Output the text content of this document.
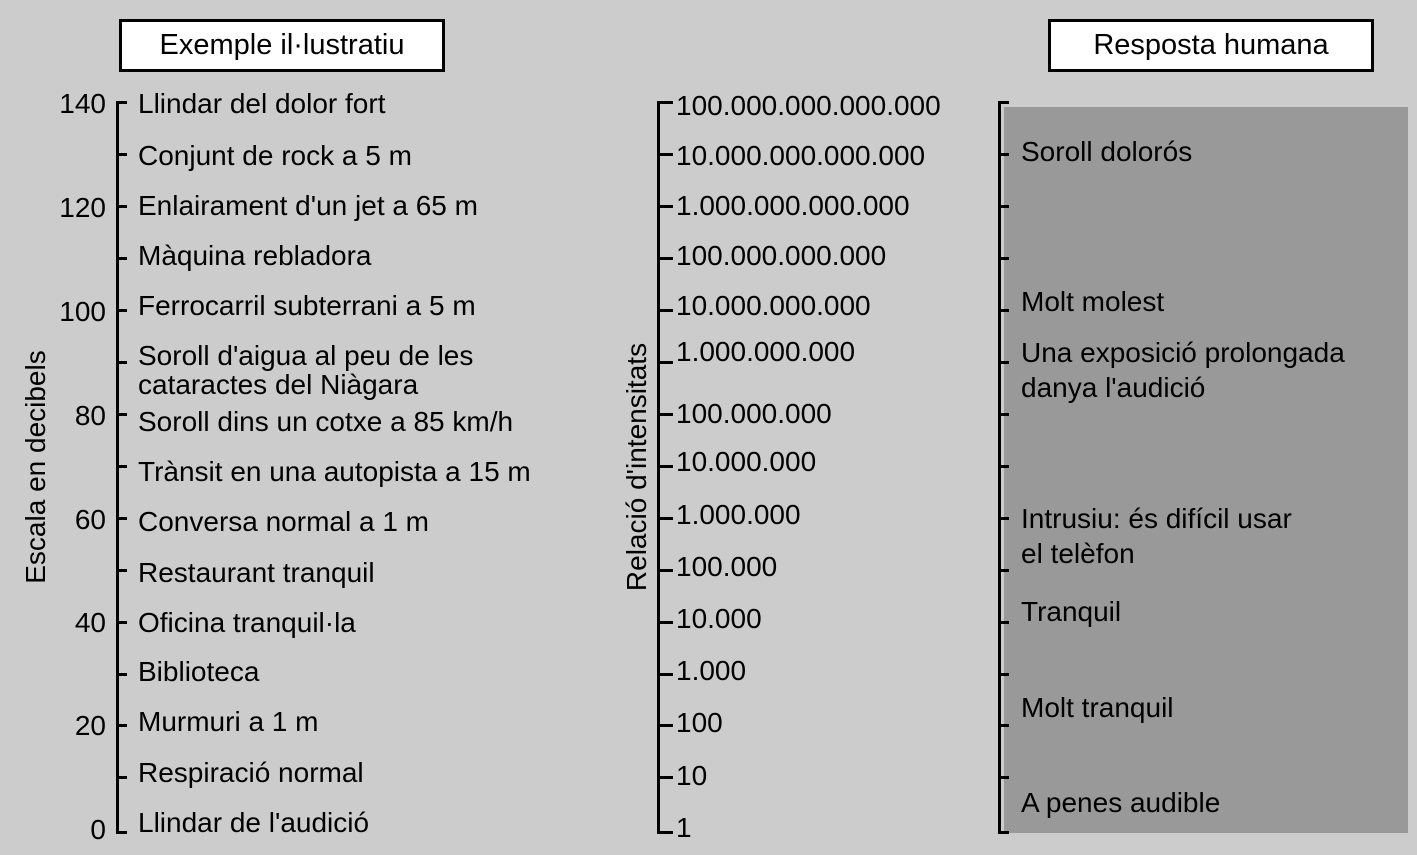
Exemple il·lustratiu	Resposta humana
Escala en decibels	Relació d'intensitats
140
120
100
80
60
40
20
0
Llindar del dolor fort
Conjunt de rock a 5 m
Enlairament d'un jet a 65 m
Màquina rebladora
Ferrocarril subterrani a 5 m
Soroll d'aigua al peu de les
cataractes del Niàgara
Soroll dins un cotxe a 85 km/h
Trànsit en una autopista a 15 m
Conversa normal a 1 m
Restaurant tranquil
Oficina tranquil·la
Biblioteca
Murmuri a 1 m
Respiració normal
Llindar de l'audició
100.000.000.000.000
10.000.000.000.000
1.000.000.000.000
100.000.000.000
10.000.000.000
1.000.000.000
100.000.000
10.000.000
1.000.000
100.000
10.000
1.000
100
10
1
Soroll dolorós
Molt molest
Una exposició prolongada
danya l'audició
Intrusiu: és difícil usar
el telèfon
Tranquil
Molt tranquil
A penes audible
